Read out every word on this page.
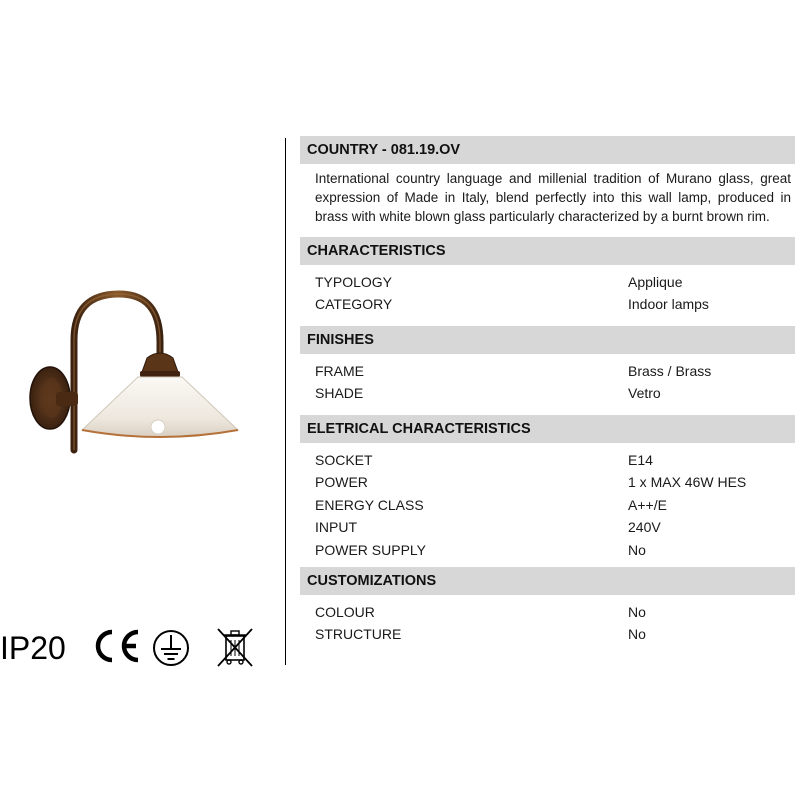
IP20
COUNTRY - 081.19.OV
International country language and millenial tradition of Murano glass, great expression of Made in Italy, blend perfectly into this wall lamp, produced in brass with white blown glass particularly characterized by a burnt brown rim.
CHARACTERISTICS
TYPOLOGY	Applique
CATEGORY	Indoor lamps
FINISHES
FRAME	Brass / Brass
SHADE	Vetro
ELETRICAL CHARACTERISTICS
SOCKET	E14
POWER	1 x MAX 46W HES
ENERGY CLASS	A++/E
INPUT	240V
POWER SUPPLY	No
CUSTOMIZATIONS
COLOUR	No
STRUCTURE	No
